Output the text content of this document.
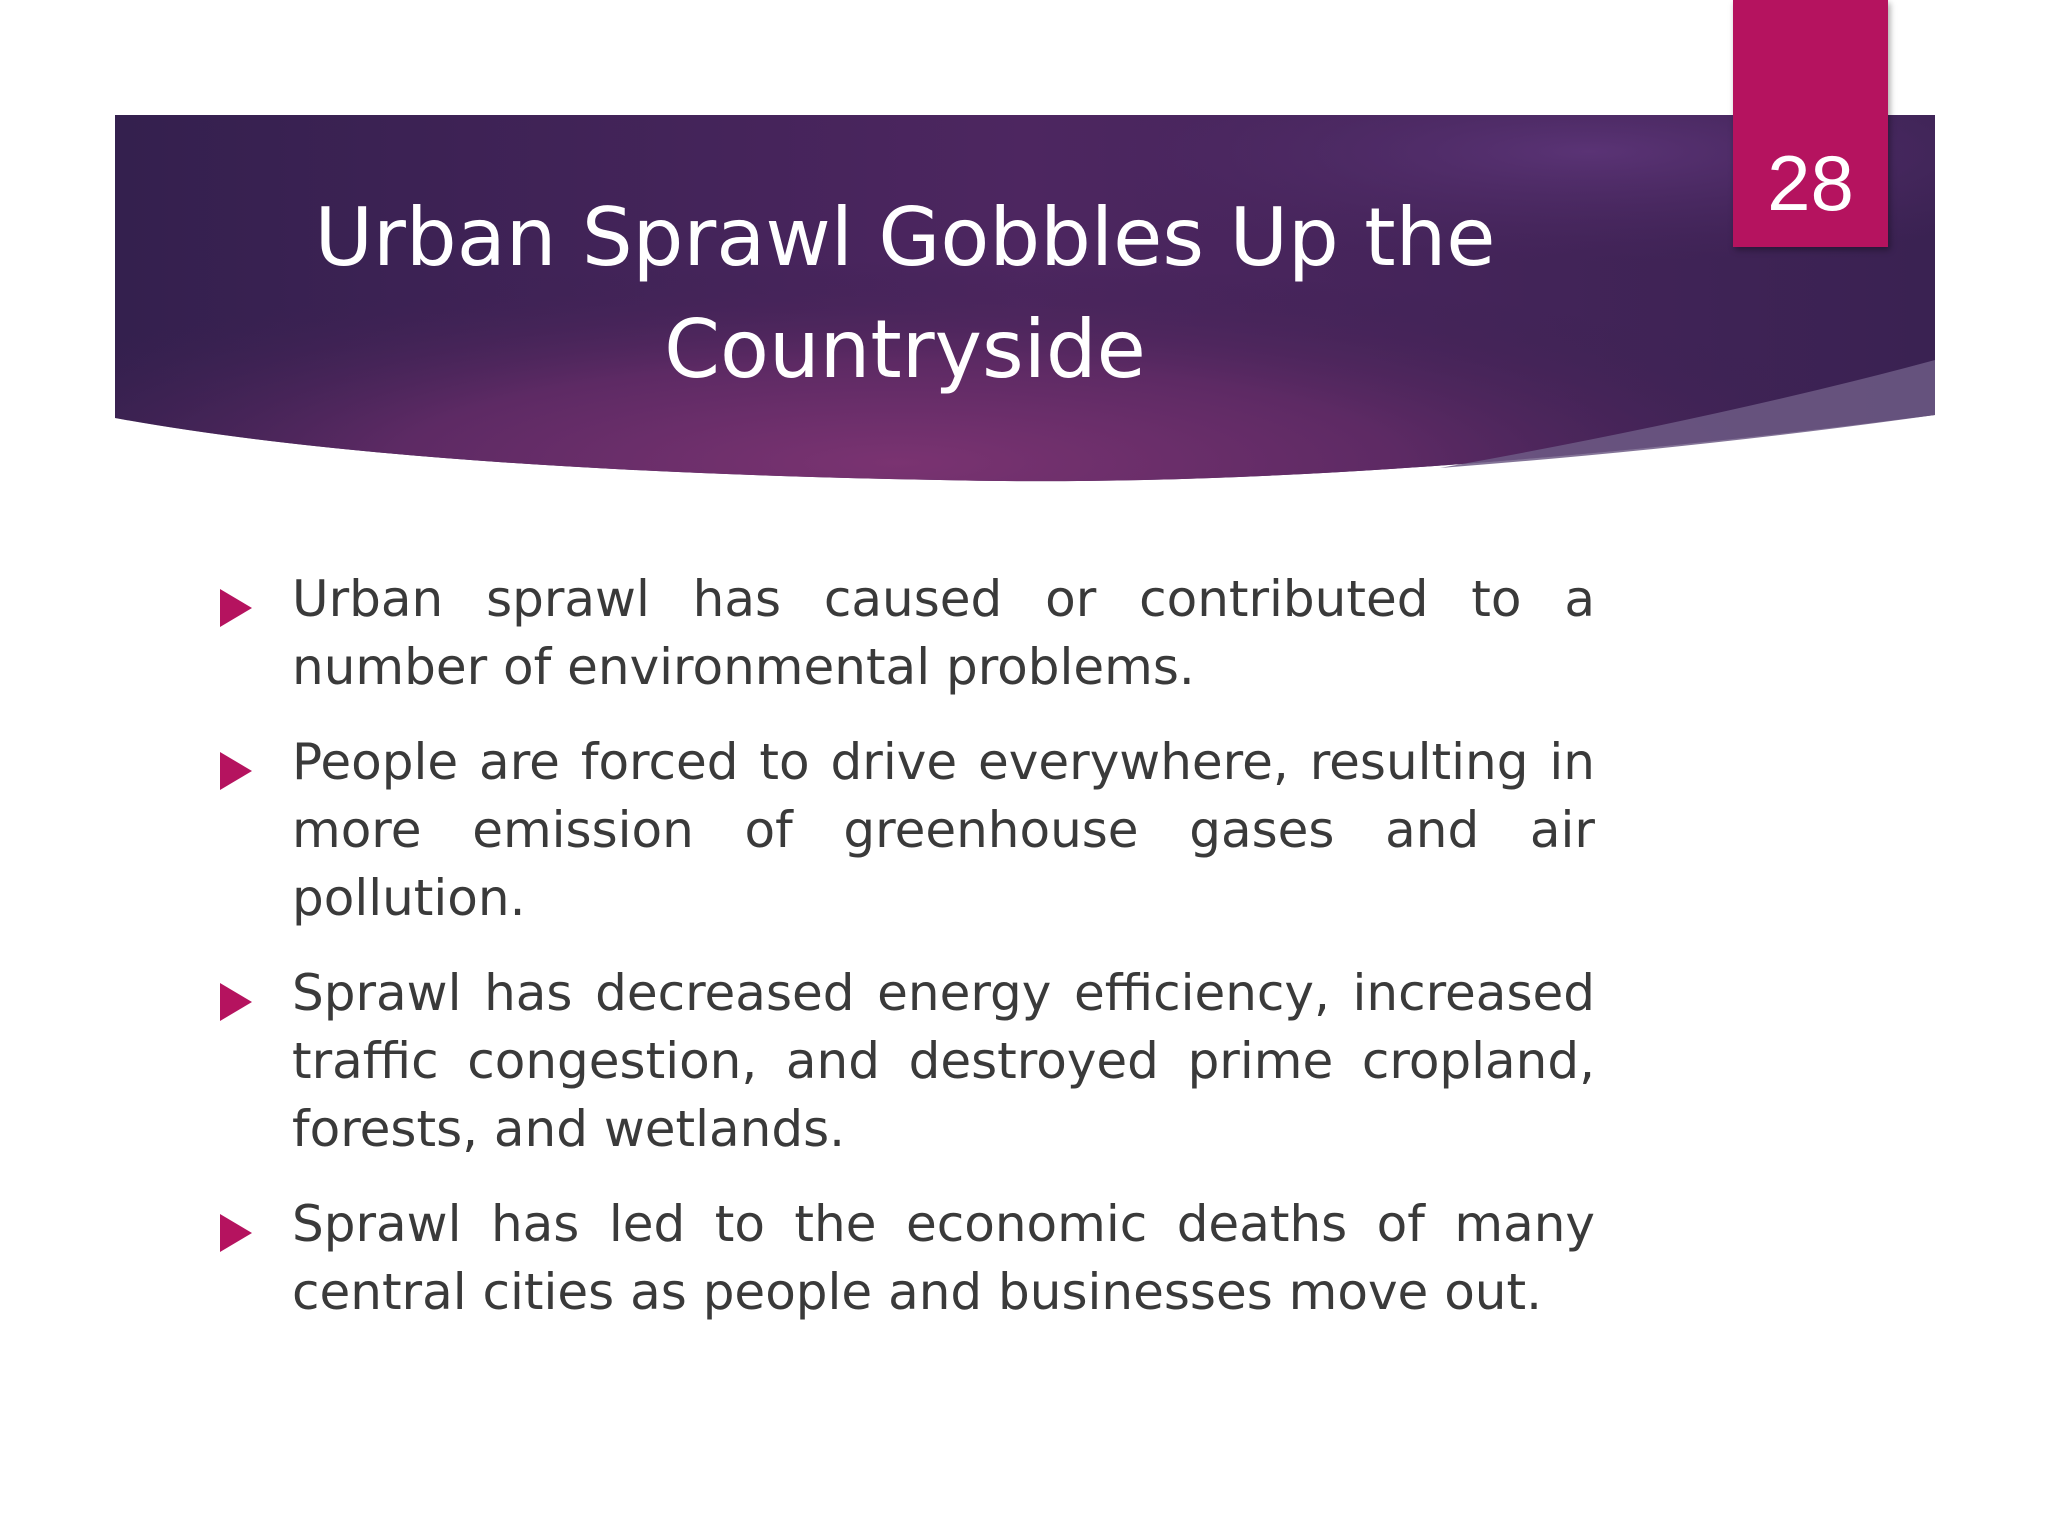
28
Urban Sprawl Gobbles Up the
Countryside
Urban sprawl has caused or contributed to a number of environmental problems.
People are forced to drive everywhere, resulting in more emission of greenhouse gases and air pollution.
Sprawl has decreased energy efficiency, increased traffic congestion, and destroyed prime cropland, forests, and wetlands.
Sprawl has led to the economic deaths of many central cities as people and businesses move out.
